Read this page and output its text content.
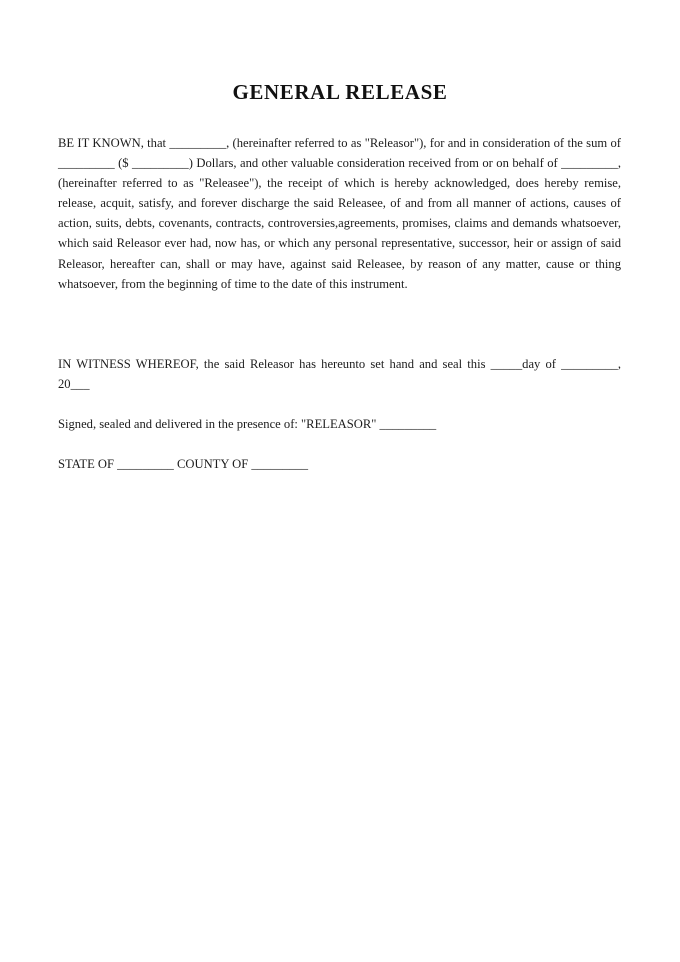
GENERAL RELEASE
BE IT KNOWN, that _________, (hereinafter referred to as "Releasor"), for and in consideration of the sum of _________ ($ _________) Dollars, and other valuable consideration received from or on behalf of _________, (hereinafter referred to as "Releasee"), the receipt of which is hereby acknowledged, does hereby remise, release, acquit, satisfy, and forever discharge the said Releasee, of and from all manner of actions, causes of action, suits, debts, covenants, contracts, controversies,agreements, promises, claims and demands whatsoever, which said Releasor ever had, now has, or which any personal representative, successor, heir or assign of said Releasor, hereafter can, shall or may have, against said Releasee, by reason of any matter, cause or thing whatsoever, from the beginning of time to the date of this instrument.
IN WITNESS WHEREOF, the said Releasor has hereunto set hand and seal this _____day of _________, 20___
Signed, sealed and delivered in the presence of: "RELEASOR" _________
STATE OF _________ COUNTY OF _________
